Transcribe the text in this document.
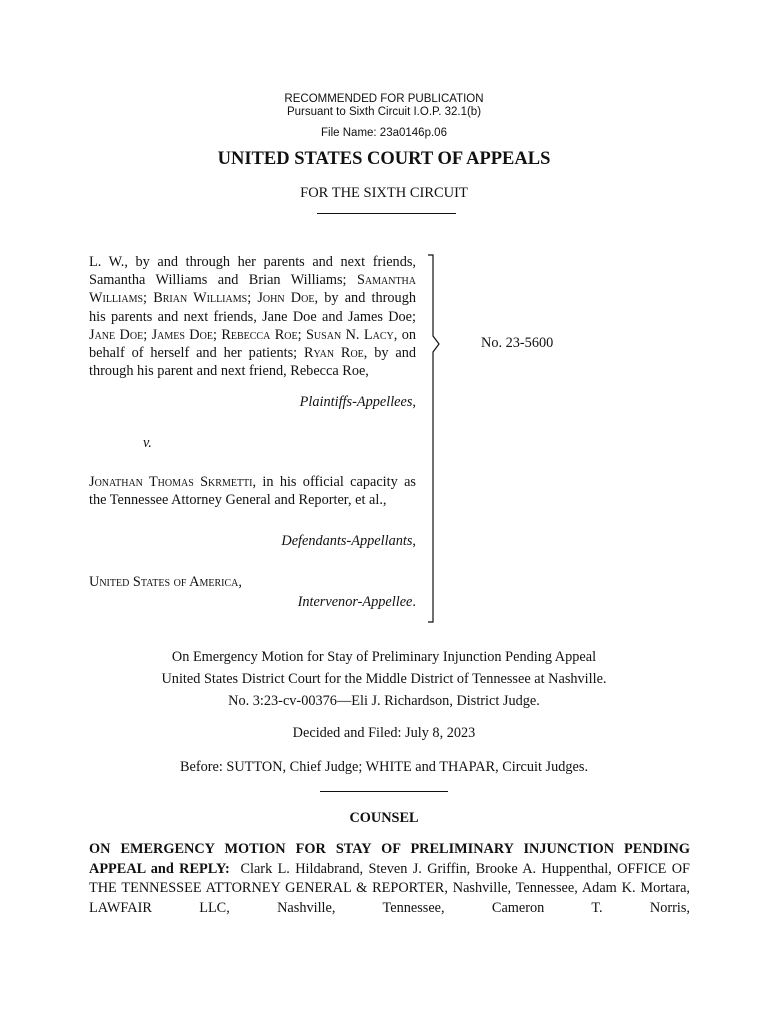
RECOMMENDED FOR PUBLICATION
Pursuant to Sixth Circuit I.O.P. 32.1(b)
File Name: 23a0146p.06
UNITED STATES COURT OF APPEALS
FOR THE SIXTH CIRCUIT

L. W., by and through her parents and next friends, Samantha Williams and Brian Williams; Samantha Williams; Brian Williams; John Doe, by and through his parents and next friends, Jane Doe and James Doe; Jane Doe; James Doe; Rebecca Roe; Susan N. Lacy, on behalf of herself and her patients; Ryan Roe, by and through his parent and next friend, Rebecca Roe,

Plaintiffs-Appellees,
v.
Jonathan Thomas Skrmetti, in his official capacity as the Tennessee Attorney General and Reporter, et al.,
Defendants-Appellants,
United States of America,
Intervenor-Appellee.
No. 23-5600
On Emergency Motion for Stay of Preliminary Injunction Pending Appeal
United States District Court for the Middle District of Tennessee at Nashville.
No. 3:23-cv-00376—Eli J. Richardson, District Judge.
Decided and Filed: July 8, 2023
Before: SUTTON, Chief Judge; WHITE and THAPAR, Circuit Judges.
COUNSEL
ON EMERGENCY MOTION FOR STAY OF PRELIMINARY INJUNCTION PENDING APPEAL and REPLY: Clark L. Hildabrand, Steven J. Griffin, Brooke A. Huppenthal, OFFICE OF THE TENNESSEE ATTORNEY GENERAL & REPORTER, Nashville, Tennessee, Adam K. Mortara, LAWFAIR LLC, Nashville, Tennessee, Cameron T. Norris,
